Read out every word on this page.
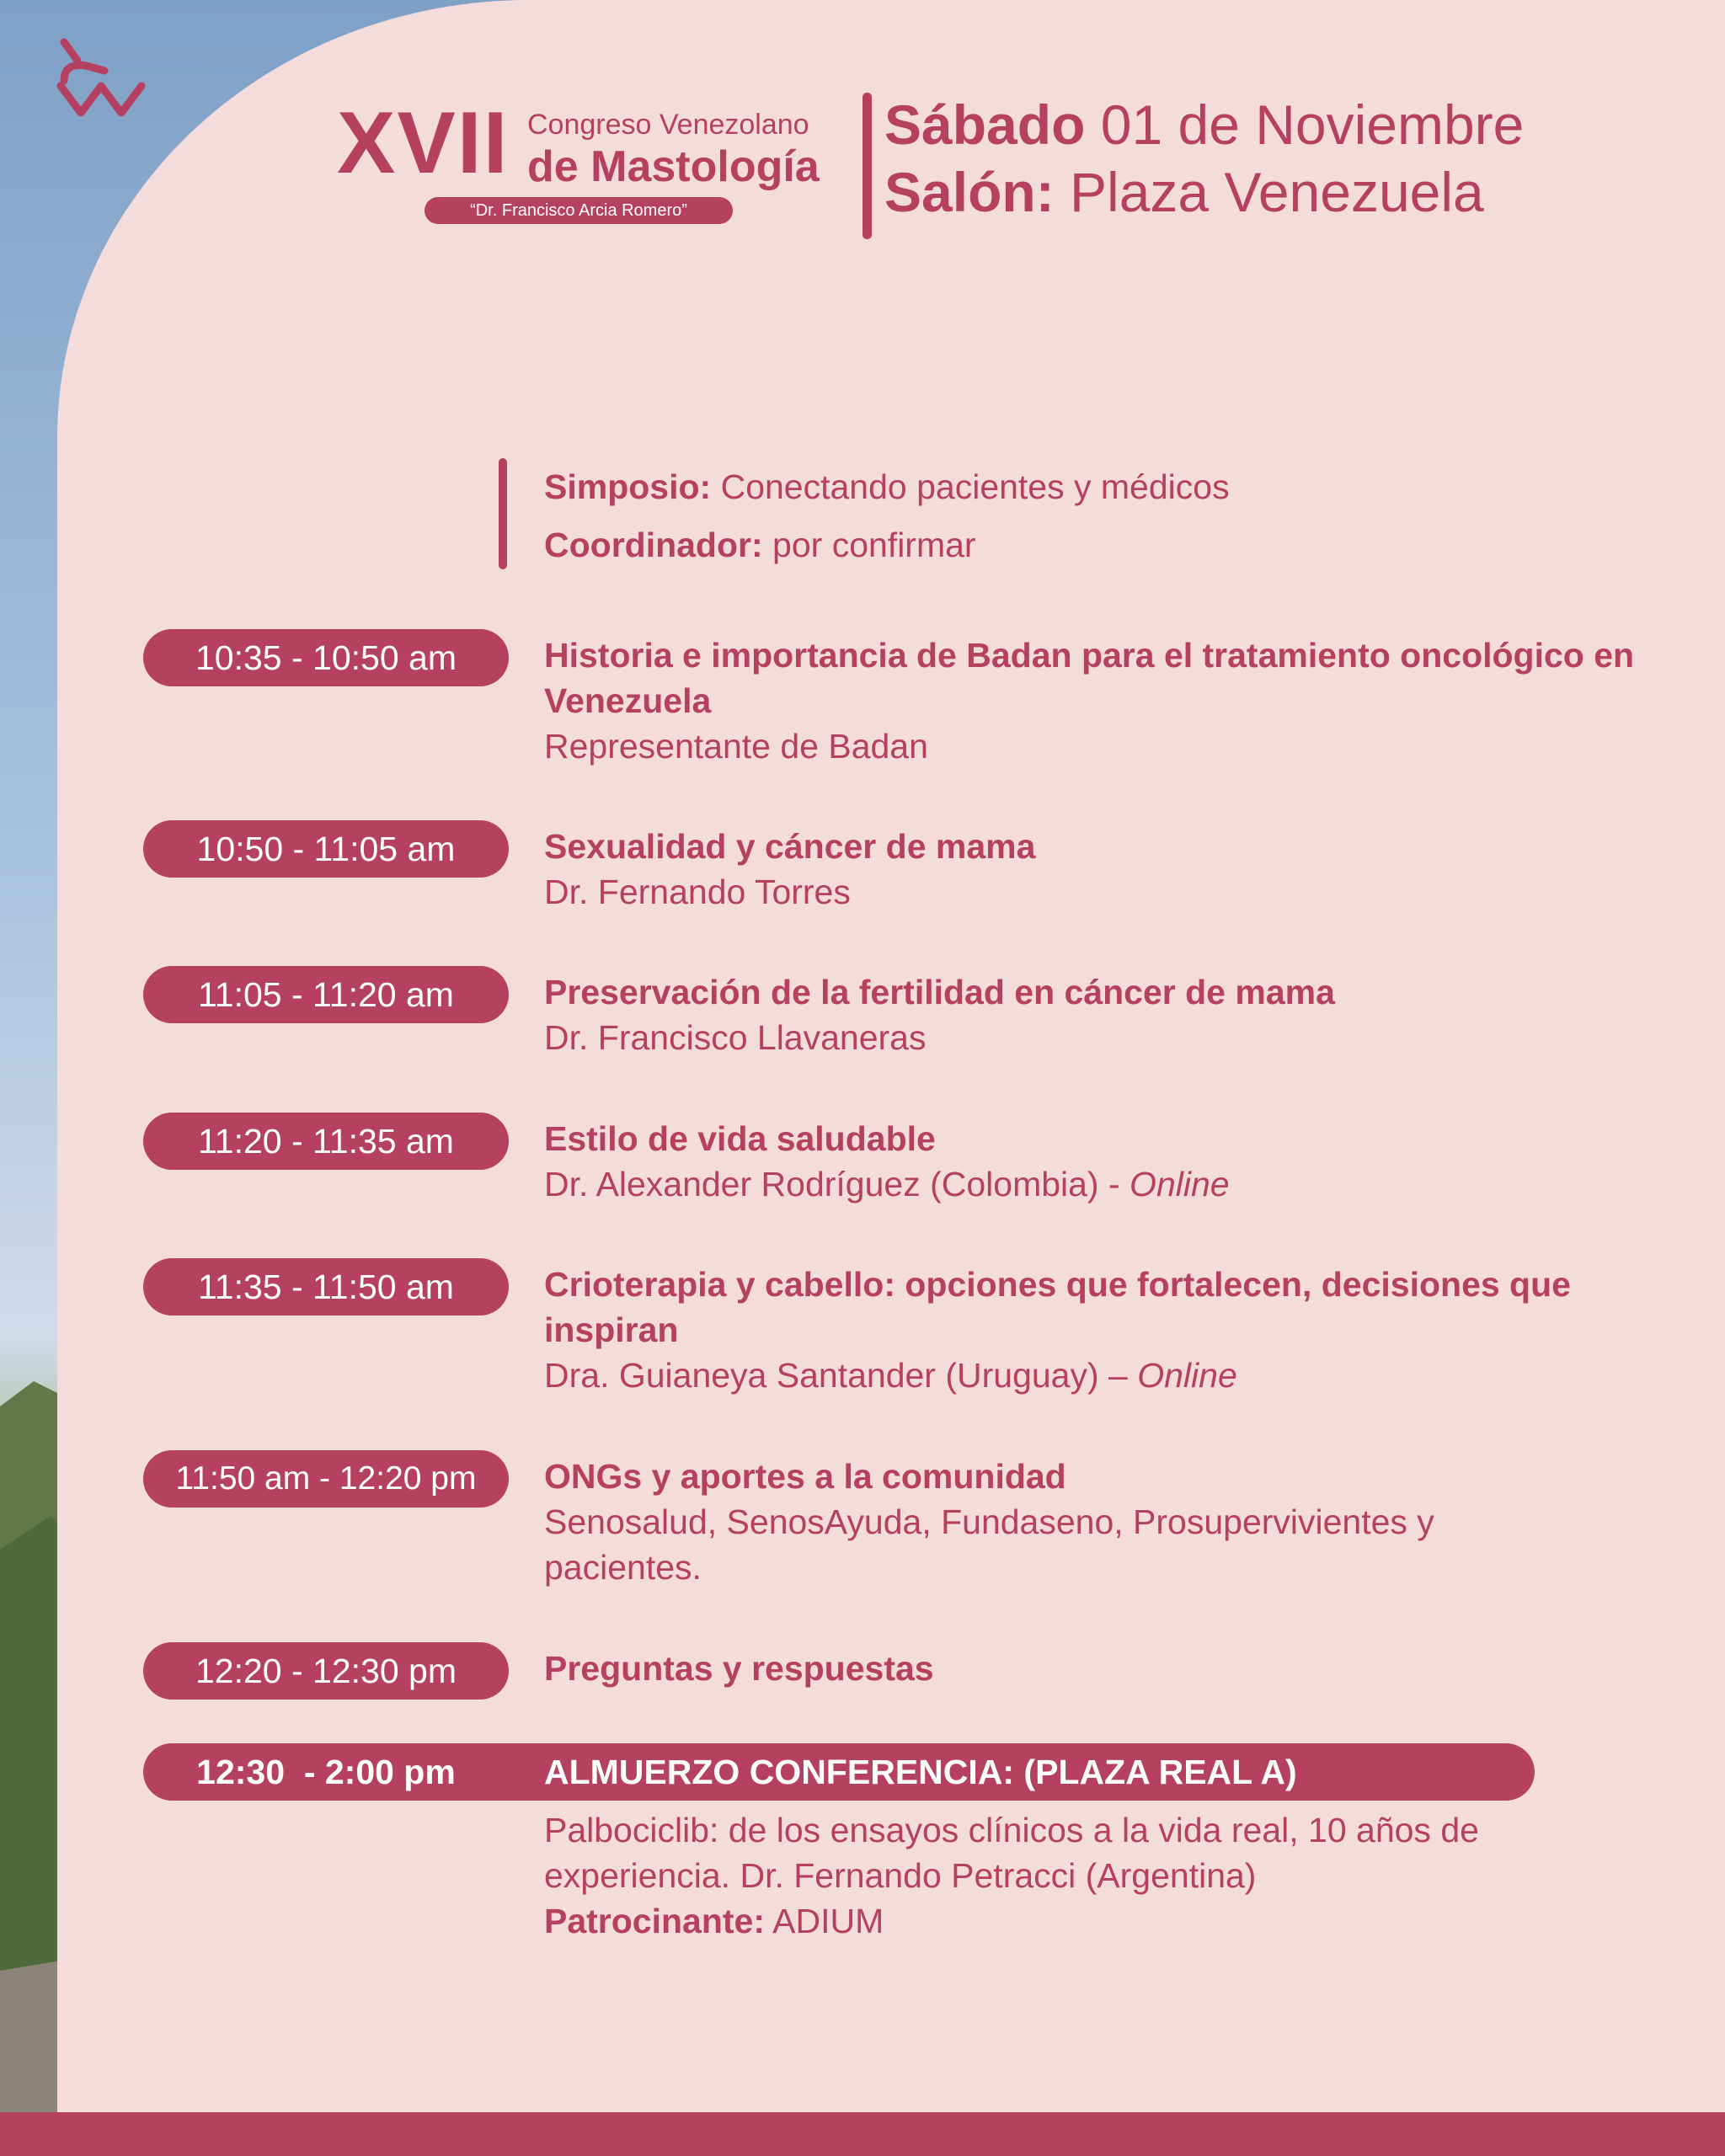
XVII Congreso Venezolano
de Mastología
“Dr. Francisco Arcia Romero”
Sábado 01 de Noviembre
Salón: Plaza Venezuela
Simposio: Conectando pacientes y médicos
Coordinador: por confirmar
10:35 - 10:50 am	Historia e importancia de Badan para el tratamiento oncológico en Venezuela
Representante de Badan
10:50 - 11:05 am	Sexualidad y cáncer de mama
Dr. Fernando Torres
11:05 - 11:20 am	Preservación de la fertilidad en cáncer de mama
Dr. Francisco Llavaneras
11:20 - 11:35 am	Estilo de vida saludable
Dr. Alexander Rodríguez (Colombia) - Online
11:35 - 11:50 am	Crioterapia y cabello: opciones que fortalecen, decisiones que inspiran
Dra. Guianeya Santander (Uruguay) – Online
11:50 am - 12:20 pm	ONGs y aportes a la comunidad
Senosalud, SenosAyuda, Fundaseno, Prosupervivientes y pacientes.
12:20 - 12:30 pm	Preguntas y respuestas
12:30  - 2:00 pm	ALMUERZO CONFERENCIA: (PLAZA REAL A)
Palbociclib: de los ensayos clínicos a la vida real, 10 años de experiencia. Dr. Fernando Petracci (Argentina)
Patrocinante: ADIUM
